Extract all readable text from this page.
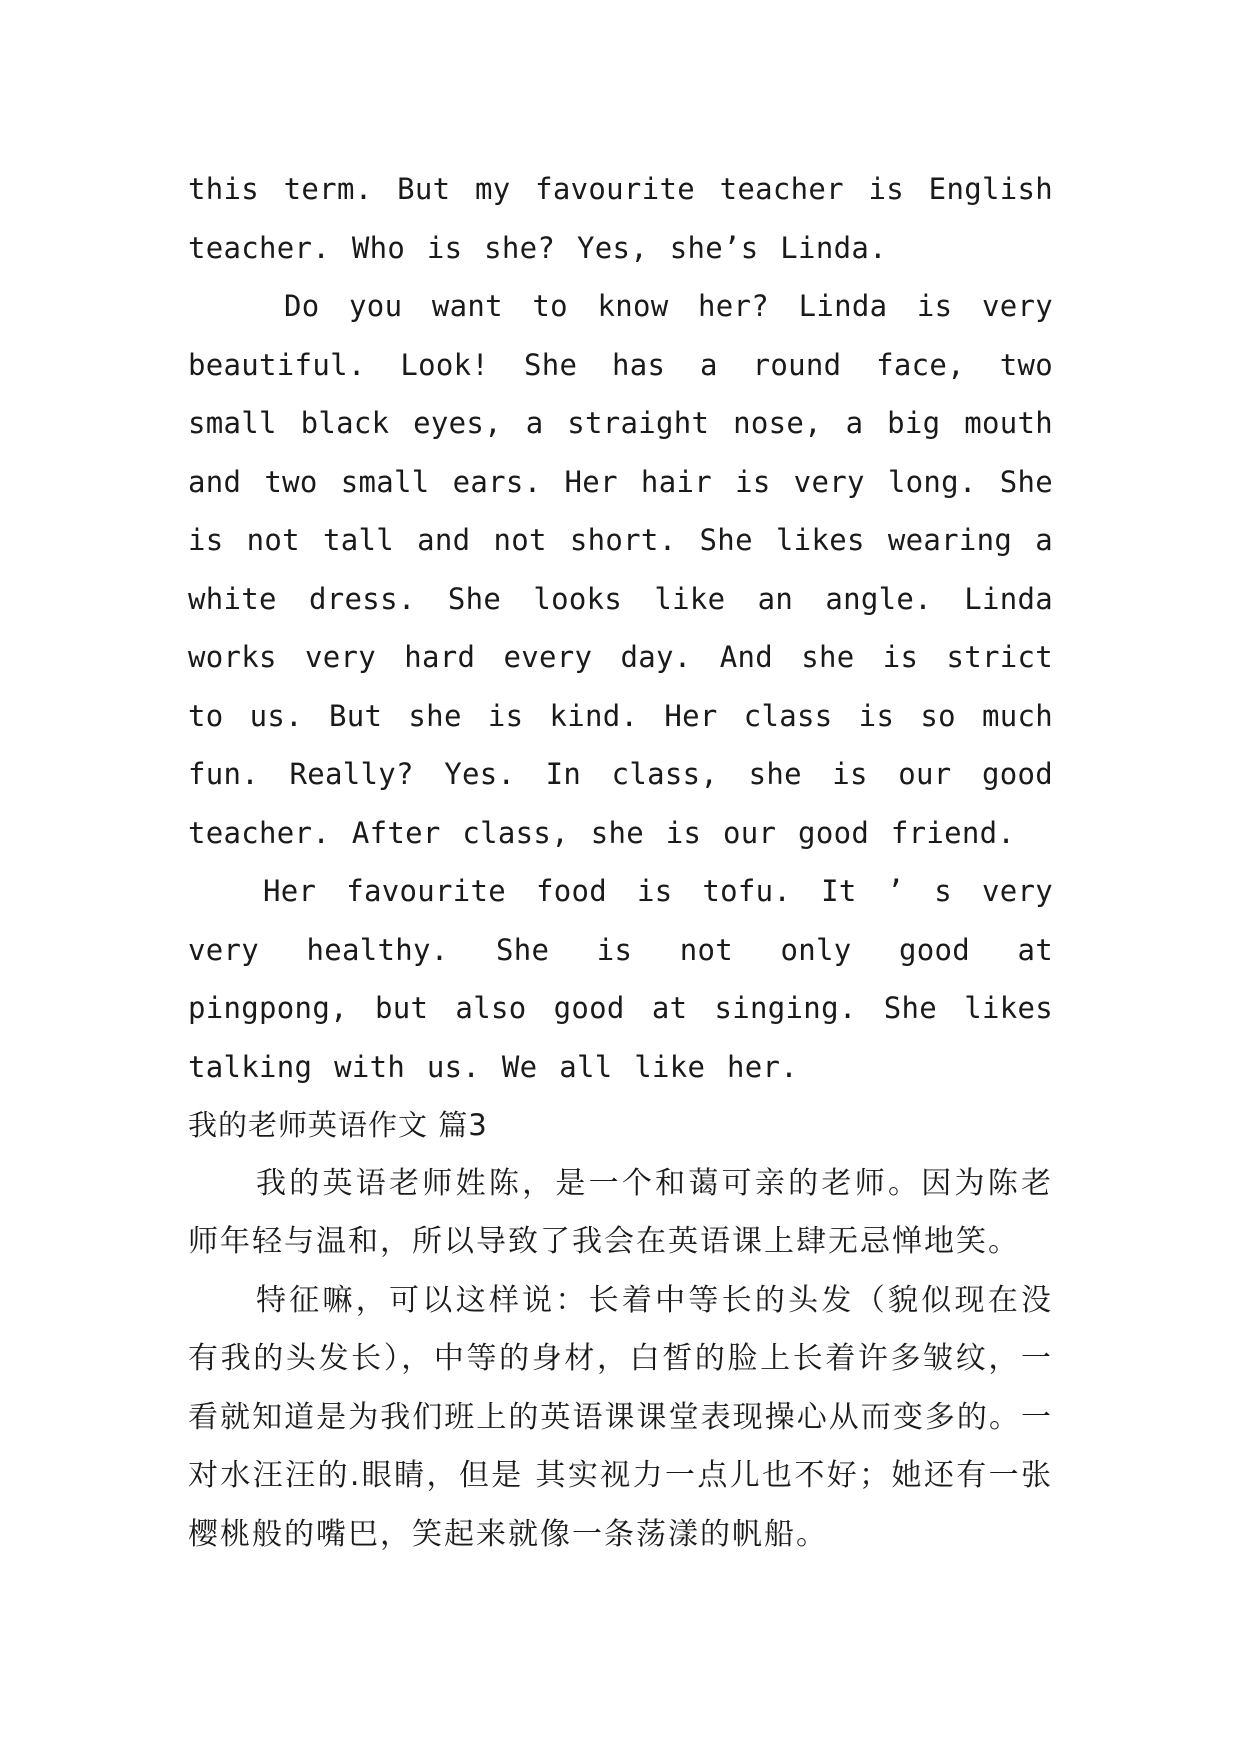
this term. But my favourite teacher is English teacher. Who is she? Yes, she’s Linda.

Do you want to know her? Linda is very beautiful. Look! She has a round face, two small black eyes, a straight nose, a big mouth and two small ears. Her hair is very long. She is not tall and not short. She likes wearing a white dress. She looks like an angle. Linda works very hard every day. And she is strict to us. But she is kind. Her class is so much fun. Really? Yes. In class, she is our good teacher. After class, she is our good friend.

Her favourite food is tofu. It ’ s very very healthy. She is not only good at pingpong, but also good at singing. She likes talking with us. We all like her.

我的老师英语作文 篇3

我的英语老师姓陈，是一个和蔼可亲的老师。因为陈老师年轻与温和，所以导致了我会在英语课上肆无忌惮地笑。

特征嘛，可以这样说：长着中等长的头发（貌似现在没有我的头发长），中等的身材，白皙的脸上长着许多皱纹，一看就知道是为我们班上的英语课课堂表现操心从而变多的。一对水汪汪的.眼睛，但是 其实视力一点儿也不好；她还有一张樱桃般的嘴巴，笑起来就像一条荡漾的帆船。
